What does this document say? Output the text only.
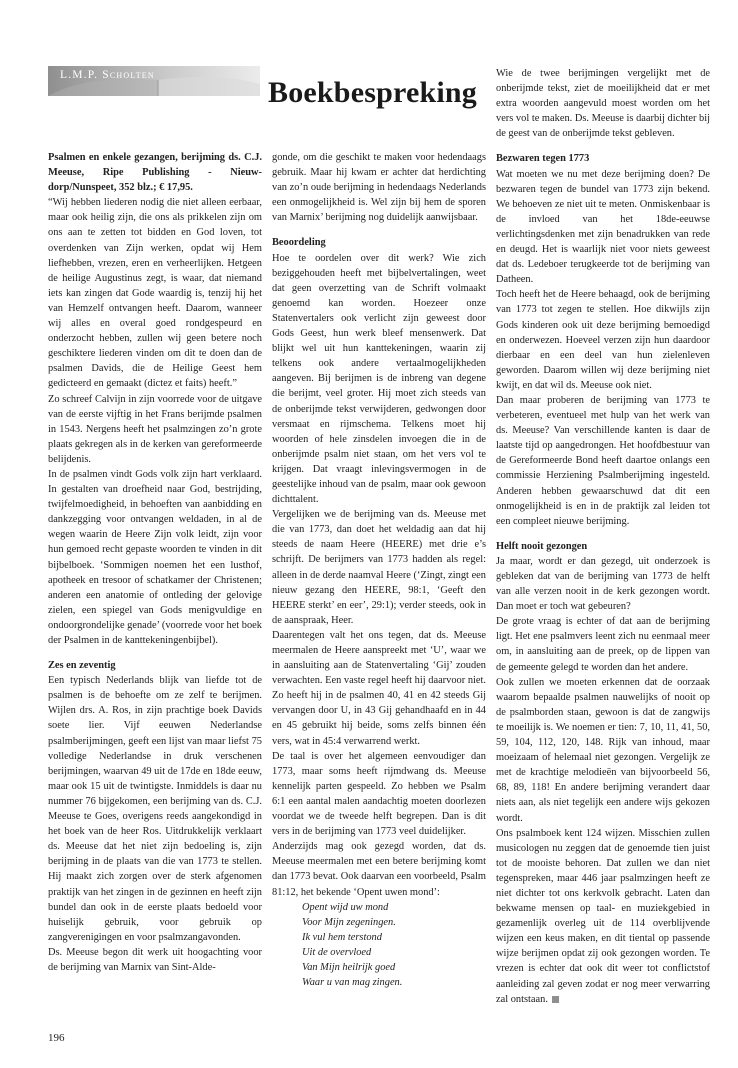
L.M.P. Scholten
Boekbespreking

Psalmen en enkele gezangen, berijming ds. C.J. Meeuse, Ripe Publishing - Nieuw-dorp/Nunspeet, 352 blz.; € 17,95.

“Wij hebben liederen nodig die niet alleen eerbaar, maar ook heilig zijn, die ons als prikkelen zijn om ons aan te zetten tot bidden en God loven, tot overdenken van Zijn werken, opdat wij Hem liefhebben, vrezen, eren en verheerlijken. Hetgeen de heilige Augustinus zegt, is waar, dat niemand iets kan zingen dat Gode waardig is, tenzij hij het van Hemzelf ontvangen heeft. Daarom, wanneer wij alles en overal goed rondgespeurd en onderzocht hebben, zullen wij geen betere noch geschiktere liederen vinden om dit te doen dan de psalmen Davids, die de Heilige Geest hem gedicteerd en gemaakt (dictez et faits) heeft.”

Zo schreef Calvijn in zijn voorrede voor de uitgave van de eerste vijftig in het Frans berijmde psalmen in 1543. Nergens heeft het psalmzingen zo’n grote plaats gekregen als in de kerken van gereformeerde belijdenis.

In de psalmen vindt Gods volk zijn hart verklaard. In gestalten van droefheid naar God, bestrijding, twijfelmoedigheid, in behoeften van aanbidding en dankzegging voor ontvangen weldaden, in al de wegen waarin de Heere Zijn volk leidt, zijn voor hun gemoed recht gepaste woorden te vinden in dit bijbelboek. ‘Sommigen noemen het een lusthof, apotheek en tresoor of schatkamer der Christenen; anderen een anatomie of ontleding der gelovige zielen, een spiegel van Gods menigvuldige en ondoorgrondelijke genade’ (voorrede voor het boek der Psalmen in de kanttekeningenbijbel).

Zes en zeventig

Een typisch Nederlands blijk van liefde tot de psalmen is de behoefte om ze zelf te berijmen. Wijlen drs. A. Ros, in zijn prachtige boek Davids soete lier. Vijf eeuwen Nederlandse psalmberijmingen, geeft een lijst van maar liefst 75 volledige Nederlandse in druk verschenen berijmingen, waarvan 49 uit de 17de en 18de eeuw, maar ook 15 uit de twintigste. Inmiddels is daar nu nummer 76 bijgekomen, een berijming van ds. C.J. Meeuse te Goes, overigens reeds aangekondigd in het boek van de heer Ros. Uitdrukkelijk verklaart ds. Meeuse dat het niet zijn bedoeling is, zijn berijming in de plaats van die van 1773 te stellen. Hij maakt zich zorgen over de sterk afgenomen praktijk van het zingen in de gezinnen en heeft zijn bundel dan ook in de eerste plaats bedoeld voor huiselijk gebruik, voor gebruik op zangverenigingen en voor psalmzangavonden.

Ds. Meeuse begon dit werk uit hoogachting voor de berijming van Marnix van Sint-Alde-

gonde, om die geschikt te maken voor hedendaags gebruik. Maar hij kwam er achter dat herdichting van zo’n oude berijming in hedendaags Nederlands een onmogelijkheid is. Wel zijn bij hem de sporen van Marnix’ berijming nog duidelijk aanwijsbaar.

Beoordeling

Hoe te oordelen over dit werk? Wie zich beziggehouden heeft met bijbelvertalingen, weet dat geen overzetting van de Schrift volmaakt genoemd kan worden. Hoezeer onze Statenvertalers ook verlicht zijn geweest door Gods Geest, hun werk bleef mensenwerk. Dat blijkt wel uit hun kanttekeningen, waarin zij telkens ook andere vertaalmogelijkheden aangeven. Bij berijmen is de inbreng van degene die berijmt, veel groter. Hij moet zich steeds van de onberijmde tekst verwijderen, gedwongen door versmaat en rijmschema. Telkens moet hij woorden of hele zinsdelen invoegen die in de onberijmde psalm niet staan, om het vers vol te krijgen. Dat vraagt inlevingsvermogen in de geestelijke inhoud van de psalm, maar ook gewoon dichttalent.

Vergelijken we de berijming van ds. Meeuse met die van 1773, dan doet het weldadig aan dat hij steeds de naam Heere (HEERE) met drie e’s schrijft. De berijmers van 1773 hadden als regel: alleen in de derde naamval Heere (‘Zingt, zingt een nieuw gezang den HEERE, 98:1, ‘Geeft den HEERE sterkt’ en eer’, 29:1); verder steeds, ook in de aanspraak, Heer.

Daarentegen valt het ons tegen, dat ds. Meeuse meermalen de Heere aanspreekt met ‘U’, waar we in aansluiting aan de Statenvertaling ‘Gij’ zouden verwachten. Een vaste regel heeft hij daarvoor niet. Zo heeft hij in de psalmen 40, 41 en 42 steeds Gij vervangen door U, in 43 Gij gehandhaafd en in 44 en 45 gebruikt hij beide, soms zelfs binnen één vers, wat in 45:4 verwarrend werkt.

De taal is over het algemeen eenvoudiger dan 1773, maar soms heeft rijmdwang ds. Meeuse kennelijk parten gespeeld. Zo hebben we Psalm 6:1 een aantal malen aandachtig moeten doorlezen voordat we de tweede helft begrepen. Dan is dit vers in de berijming van 1773 veel duidelijker.

Anderzijds mag ook gezegd worden, dat ds. Meeuse meermalen met een betere berijming komt dan 1773 bevat. Ook daarvan een voorbeeld, Psalm 81:12, het bekende ‘Opent uwen mond’:

Opent wijd uw mond

Voor Mijn zegeningen.

Ik vul hem terstond

Uit de overvloed

Van Mijn heilrijk goed

Waar u van mag zingen.

Wie de twee berijmingen vergelijkt met de onberijmde tekst, ziet de moeilijkheid dat er met extra woorden aangevuld moest worden om het vers vol te maken. Ds. Meeuse is daarbij dichter bij de geest van de onberijmde tekst gebleven.

Bezwaren tegen 1773

Wat moeten we nu met deze berijming doen? De bezwaren tegen de bundel van 1773 zijn bekend. We behoeven ze niet uit te meten. Onmiskenbaar is de invloed van het 18de-eeuwse verlichtingsdenken met zijn benadrukken van rede en deugd. Het is waarlijk niet voor niets geweest dat ds. Ledeboer terugkeerde tot de berijming van Datheen.

Toch heeft het de Heere behaagd, ook de berijming van 1773 tot zegen te stellen. Hoe dikwijls zijn Gods kinderen ook uit deze berijming bemoedigd en onderwezen. Hoeveel verzen zijn hun daardoor dierbaar en een deel van hun zielenleven geworden. Daarom willen wij deze berijming niet kwijt, en dat wil ds. Meeuse ook niet.

Dan maar proberen de berijming van 1773 te verbeteren, eventueel met hulp van het werk van ds. Meeuse? Van verschillende kanten is daar de laatste tijd op aangedrongen. Het hoofdbestuur van de Gereformeerde Bond heeft daartoe onlangs een commissie Herziening Psalmberijming ingesteld. Anderen hebben gewaarschuwd dat dit een onmogelijkheid is en in de praktijk zal leiden tot een compleet nieuwe berijming.

Helft nooit gezongen

Ja maar, wordt er dan gezegd, uit onderzoek is gebleken dat van de berijming van 1773 de helft van alle verzen nooit in de kerk gezongen wordt. Dan moet er toch wat gebeuren?

De grote vraag is echter of dat aan de berijming ligt. Het ene psalmvers leent zich nu eenmaal meer om, in aansluiting aan de preek, op de lippen van de gemeente gelegd te worden dan het andere.

Ook zullen we moeten erkennen dat de oorzaak waarom bepaalde psalmen nauwelijks of nooit op de psalmborden staan, gewoon is dat de zangwijs te moeilijk is. We noemen er tien: 7, 10, 11, 41, 50, 59, 104, 112, 120, 148. Rijk van inhoud, maar moeizaam of helemaal niet gezongen. Vergelijk ze met de krachtige melodieën van bijvoorbeeld 56, 68, 89, 118! En andere berijming verandert daar niets aan, als niet tegelijk een andere wijs gekozen wordt.

Ons psalmboek kent 124 wijzen. Misschien zullen musicologen nu zeggen dat de genoemde tien juist tot de mooiste behoren. Dat zullen we dan niet tegenspreken, maar 446 jaar psalmzingen heeft ze niet dichter tot ons kerkvolk gebracht. Laten dan bekwame mensen op taal- en muziekgebied in gezamenlijk overleg uit de 114 overblijvende wijzen een keus maken, en dit tiental op passende wijze berijmen opdat zij ook gezongen worden. Te vrezen is echter dat ook dit weer tot conflictstof aanleiding zal geven zodat er nog meer verwarring zal ontstaan.

196
